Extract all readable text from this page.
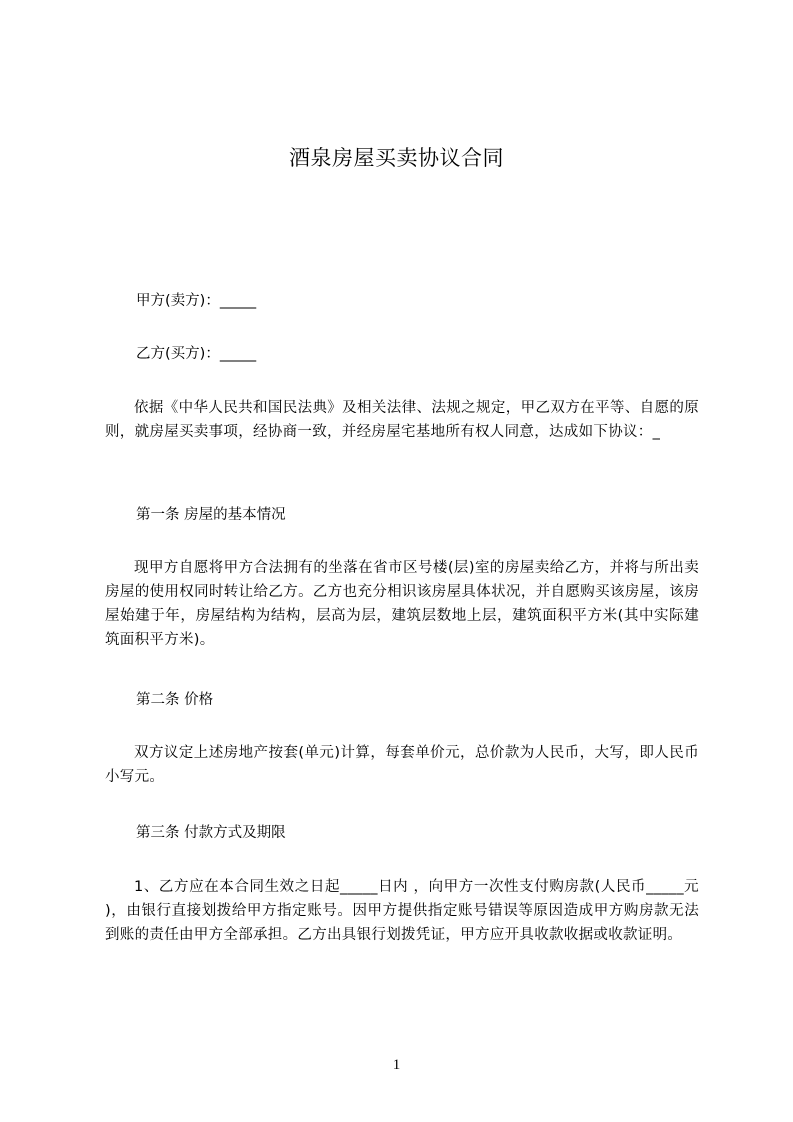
酒泉房屋买卖协议合同
甲方(卖方)：_____
乙方(买方)：_____
依据《中华人民共和国民法典》及相关法律、法规之规定，甲乙双方在平等、自愿的原则，就房屋买卖事项，经协商一致，并经房屋宅基地所有权人同意，达成如下协议：_
第一条 房屋的基本情况
现甲方自愿将甲方合法拥有的坐落在省市区号楼(层)室的房屋卖给乙方，并将与所出卖房屋的使用权同时转让给乙方。乙方也充分相识该房屋具体状况，并自愿购买该房屋，该房屋始建于年，房屋结构为结构，层高为层，建筑层数地上层，建筑面积平方米(其中实际建筑面积平方米)。
第二条 价格
双方议定上述房地产按套(单元)计算，每套单价元，总价款为人民币，大写，即人民币小写元。
第三条 付款方式及期限
1、乙方应在本合同生效之日起_____日内 ，向甲方一次性支付购房款(人民币_____元 )，由银行直接划拨给甲方指定账号。因甲方提供指定账号错误等原因造成甲方购房款无法到账的责任由甲方全部承担。乙方出具银行划拨凭证，甲方应开具收款收据或收款证明。
1
